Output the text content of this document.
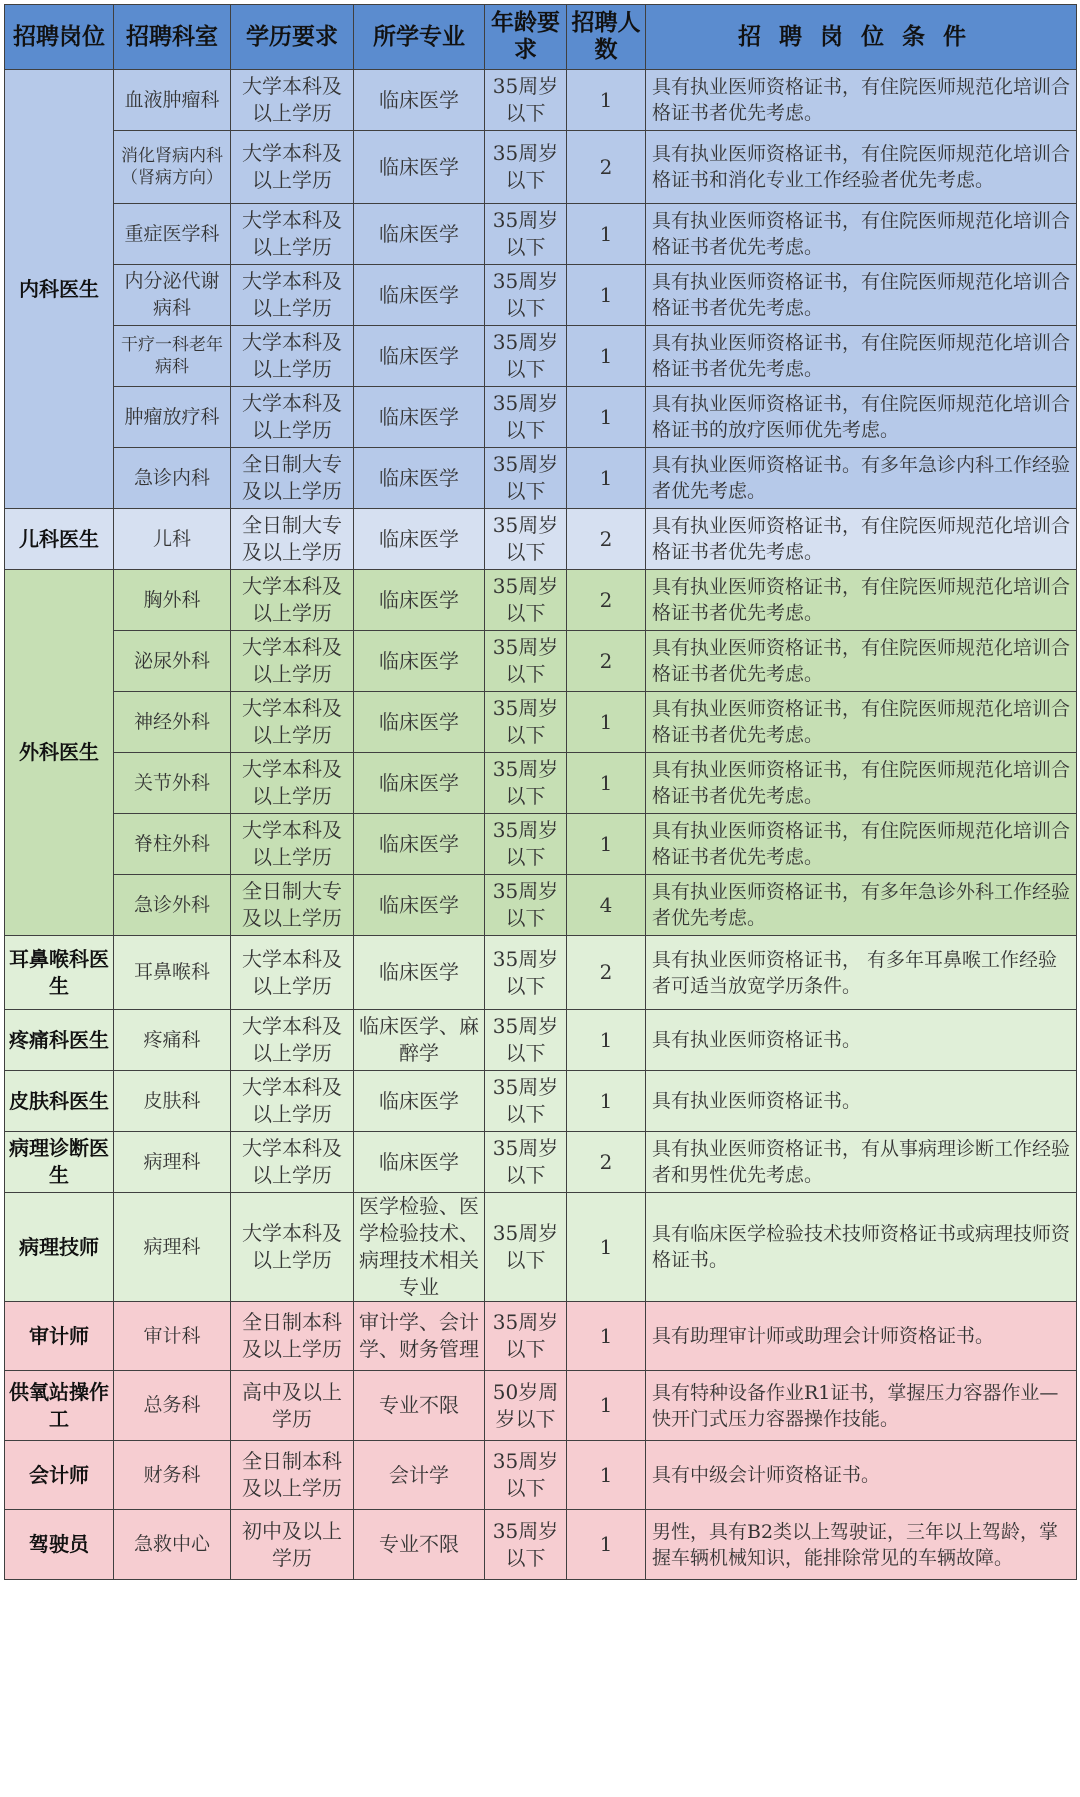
招聘岗位	招聘科室	学历要求	所学专业	年龄要求	招聘人数	招聘岗位条件
内科医生	血液肿瘤科	大学本科及以上学历	临床医学	35周岁以下	1	具有执业医师资格证书，有住院医师规范化培训合格证书者优先考虑。
	消化肾病内科（肾病方向）	大学本科及以上学历	临床医学	35周岁以下	2	具有执业医师资格证书，有住院医师规范化培训合格证书和消化专业工作经验者优先考虑。
	重症医学科	大学本科及以上学历	临床医学	35周岁以下	1	具有执业医师资格证书，有住院医师规范化培训合格证书者优先考虑。
	内分泌代谢病科	大学本科及以上学历	临床医学	35周岁以下	1	具有执业医师资格证书，有住院医师规范化培训合格证书者优先考虑。
	干疗一科老年病科	大学本科及以上学历	临床医学	35周岁以下	1	具有执业医师资格证书，有住院医师规范化培训合格证书者优先考虑。
	肿瘤放疗科	大学本科及以上学历	临床医学	35周岁以下	1	具有执业医师资格证书，有住院医师规范化培训合格证书的放疗医师优先考虑。
	急诊内科	全日制大专及以上学历	临床医学	35周岁以下	1	具有执业医师资格证书。有多年急诊内科工作经验者优先考虑。
儿科医生	儿科	全日制大专及以上学历	临床医学	35周岁以下	2	具有执业医师资格证书，有住院医师规范化培训合格证书者优先考虑。
外科医生	胸外科	大学本科及以上学历	临床医学	35周岁以下	2	具有执业医师资格证书，有住院医师规范化培训合格证书者优先考虑。
	泌尿外科	大学本科及以上学历	临床医学	35周岁以下	2	具有执业医师资格证书，有住院医师规范化培训合格证书者优先考虑。
	神经外科	大学本科及以上学历	临床医学	35周岁以下	1	具有执业医师资格证书，有住院医师规范化培训合格证书者优先考虑。
	关节外科	大学本科及以上学历	临床医学	35周岁以下	1	具有执业医师资格证书，有住院医师规范化培训合格证书者优先考虑。
	脊柱外科	大学本科及以上学历	临床医学	35周岁以下	1	具有执业医师资格证书，有住院医师规范化培训合格证书者优先考虑。
	急诊外科	全日制大专及以上学历	临床医学	35周岁以下	4	具有执业医师资格证书，有多年急诊外科工作经验者优先考虑。
耳鼻喉科医生	耳鼻喉科	大学本科及以上学历	临床医学	35周岁以下	2	具有执业医师资格证书， 有多年耳鼻喉工作经验者可适当放宽学历条件。
疼痛科医生	疼痛科	大学本科及以上学历	临床医学、麻醉学	35周岁以下	1	具有执业医师资格证书。
皮肤科医生	皮肤科	大学本科及以上学历	临床医学	35周岁以下	1	具有执业医师资格证书。
病理诊断医生	病理科	大学本科及以上学历	临床医学	35周岁以下	2	具有执业医师资格证书，有从事病理诊断工作经验者和男性优先考虑。
病理技师	病理科	大学本科及以上学历	医学检验、医学检验技术、病理技术相关专业	35周岁以下	1	具有临床医学检验技术技师资格证书或病理技师资格证书。
审计师	审计科	全日制本科及以上学历	审计学、会计学、财务管理	35周岁以下	1	具有助理审计师或助理会计师资格证书。
供氧站操作工	总务科	高中及以上学历	专业不限	50岁周岁以下	1	具有特种设备作业R1证书，掌握压力容器作业—快开门式压力容器操作技能。
会计师	财务科	全日制本科及以上学历	会计学	35周岁以下	1	具有中级会计师资格证书。
驾驶员	急救中心	初中及以上学历	专业不限	35周岁以下	1	男性，具有B2类以上驾驶证，三年以上驾龄，掌握车辆机械知识，能排除常见的车辆故障。
